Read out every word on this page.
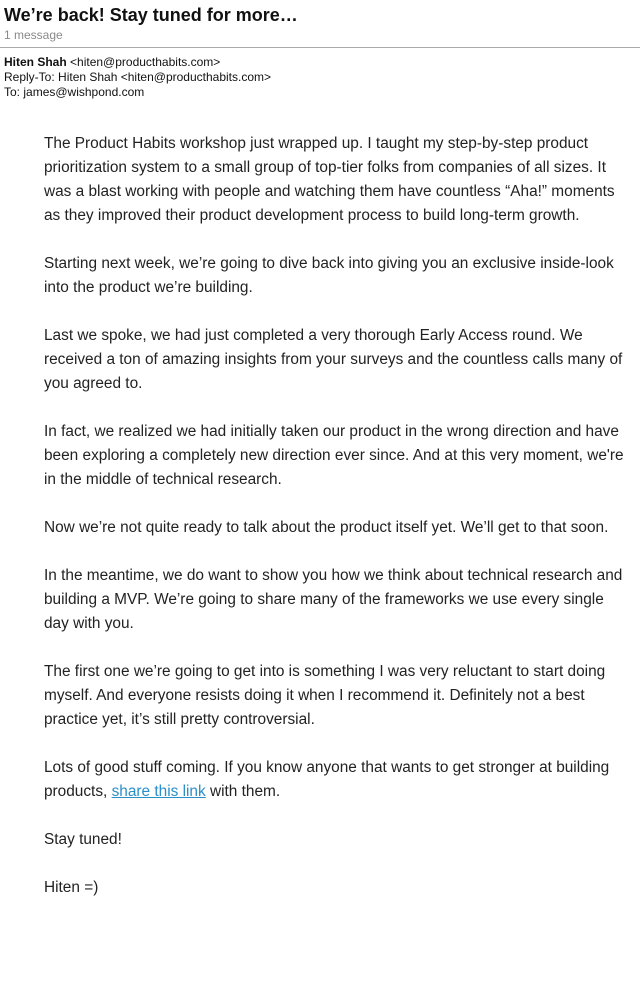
We’re back! Stay tuned for more…
1 message
Hiten Shah <hiten@producthabits.com>
Reply-To: Hiten Shah <hiten@producthabits.com>
To: james@wishpond.com

The Product Habits workshop just wrapped up. I taught my step-by-step product prioritization system to a small group of top-tier folks from companies of all sizes. It was a blast working with people and watching them have countless “Aha!” moments as they improved their product development process to build long-term growth.

Starting next week, we’re going to dive back into giving you an exclusive inside-look into the product we’re building.

Last we spoke, we had just completed a very thorough Early Access round. We received a ton of amazing insights from your surveys and the countless calls many of you agreed to.

In fact, we realized we had initially taken our product in the wrong direction and have been exploring a completely new direction ever since. And at this very moment, we're in the middle of technical research.

Now we’re not quite ready to talk about the product itself yet. We’ll get to that soon.

In the meantime, we do want to show you how we think about technical research and building a MVP. We’re going to share many of the frameworks we use every single day with you.

The first one we’re going to get into is something I was very reluctant to start doing myself. And everyone resists doing it when I recommend it. Definitely not a best practice yet, it’s still pretty controversial.

Lots of good stuff coming. If you know anyone that wants to get stronger at building products, share this link with them.

Stay tuned!

Hiten =)
